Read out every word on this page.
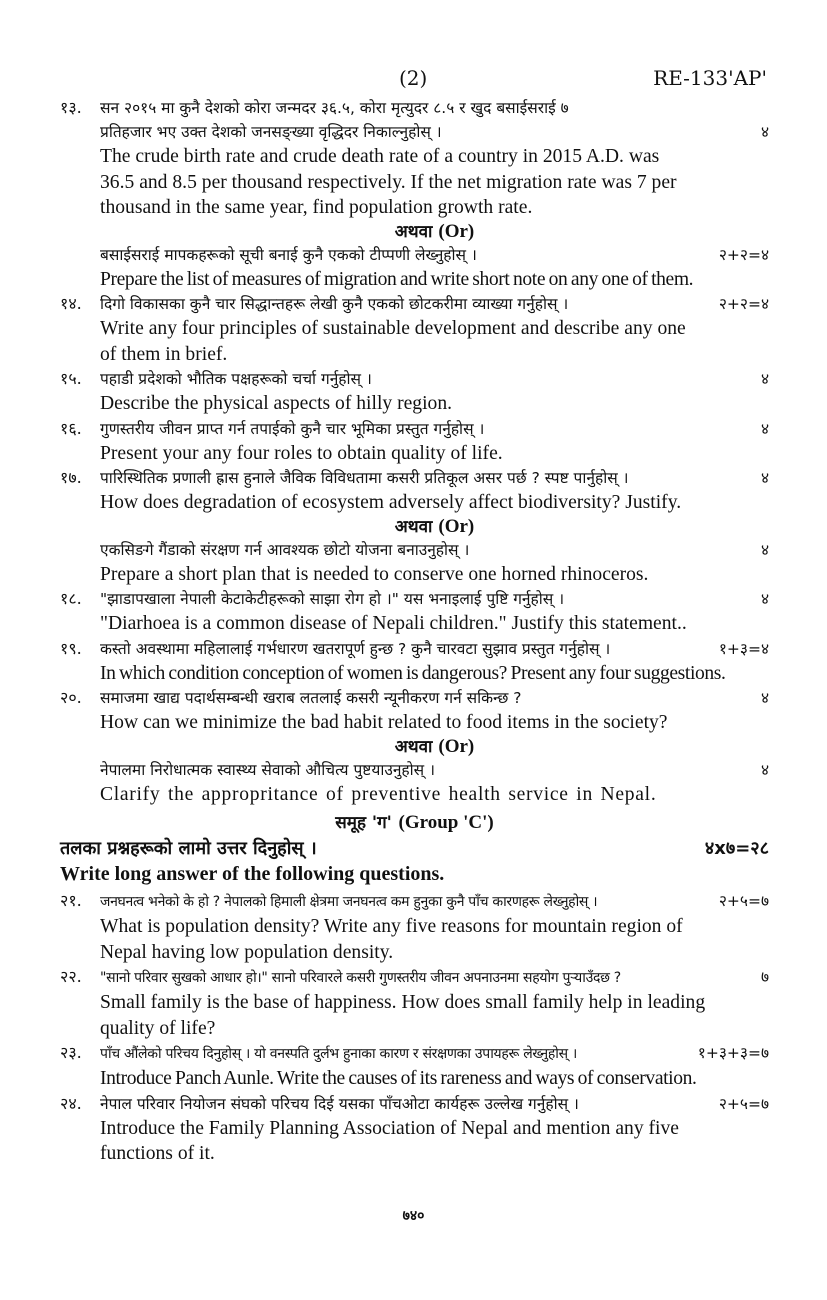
(2)	RE-133'AP'
१३.	सन २०१५ मा कुनै देशको कोरा जन्मदर ३६.५, कोरा मृत्युदर ८.५ र खुद बसाईसराई ७
प्रतिहजार भए उक्त देशको जनसङ्ख्या वृद्धिदर निकाल्नुहोस् ।	४
The crude birth rate and crude death rate of a country in 2015 A.D. was
36.5 and 8.5 per thousand respectively. If the net migration rate was 7 per
thousand in the same year, find population growth rate.
अथवा (Or)
बसाईसराई मापकहरूको सूची बनाई कुनै एकको टीप्पणी लेख्नुहोस् ।	२+२=४
Prepare the list of measures of migration and write short note on any one of them.
१४.	दिगो विकासका कुनै चार सिद्धान्तहरू लेखी कुनै एकको छोटकरीमा व्याख्या गर्नुहोस् ।	२+२=४
Write any four principles of sustainable development and describe any one
of them in brief.
१५.	पहाडी प्रदेशको भौतिक पक्षहरूको चर्चा गर्नुहोस् ।	४
Describe the physical aspects of hilly region.
१६.	गुणस्तरीय जीवन प्राप्त गर्न तपाईको कुनै चार भूमिका प्रस्तुत गर्नुहोस् ।	४
Present your any four roles to obtain quality of life.
१७.	पारिस्थितिक प्रणाली ह्रास हुनाले जैविक विविधतामा कसरी प्रतिकूल असर पर्छ ? स्पष्ट पार्नुहोस् ।	४
How does degradation of ecosystem adversely affect biodiversity? Justify.
अथवा (Or)
एकसिङगे गैंडाको संरक्षण गर्न आवश्यक छोटो योजना बनाउनुहोस् ।	४
Prepare a short plan that is needed to conserve one horned rhinoceros.
१८.	"झाडापखाला नेपाली केटाकेटीहरूको साझा रोग हो ।" यस भनाइलाई पुष्टि गर्नुहोस् ।	४
"Diarhoea is a common disease of Nepali children." Justify this statement..
१९.	कस्तो अवस्थामा महिलालाई गर्भधारण खतरापूर्ण हुन्छ ? कुनै चारवटा सुझाव प्रस्तुत गर्नुहोस् ।	१+३=४
In which condition conception of women is dangerous? Present any four suggestions.
२०.	समाजमा खाद्य पदार्थसम्बन्धी खराब लतलाई कसरी न्यूनीकरण गर्न सकिन्छ ?	४
How can we minimize the bad habit related to food items in the society?
अथवा (Or)
नेपालमा निरोधात्मक स्वास्थ्य सेवाको औचित्य पुष्टयाउनुहोस् ।	४
Clarify the appropritance of preventive health service in Nepal.
समूह 'ग' (Group 'C')
तलका प्रश्नहरूको लामो उत्तर दिनुहोस् ।	४x७=२८
Write long answer of the following questions.
२१.	जनघनत्व भनेको के हो ? नेपालको हिमाली क्षेत्रमा जनघनत्व कम हुनुका कुनै पाँच कारणहरू लेख्नुहोस् ।	२+५=७
What is population density? Write any five reasons for mountain region of
Nepal having low population density.
२२.	"सानो परिवार सुखको आधार हो।" सानो परिवारले कसरी गुणस्तरीय जीवन अपनाउनमा सहयोग पुऱ्याउँदछ ?	७
Small family is the base of happiness. How does small family help in leading
quality of life?
२३.	पाँच औंलेको परिचय दिनुहोस् । यो वनस्पति दुर्लभ हुनाका कारण र संरक्षणका उपायहरू लेख्नुहोस् ।	१+३+३=७
Introduce Panch Aunle. Write the causes of its rareness and ways of conservation.
२४.	नेपाल परिवार नियोजन संघको परिचय दिई यसका पाँचओटा कार्यहरू उल्लेख गर्नुहोस् ।	२+५=७
Introduce the Family Planning Association of Nepal and mention any five
functions of it.
७४०
